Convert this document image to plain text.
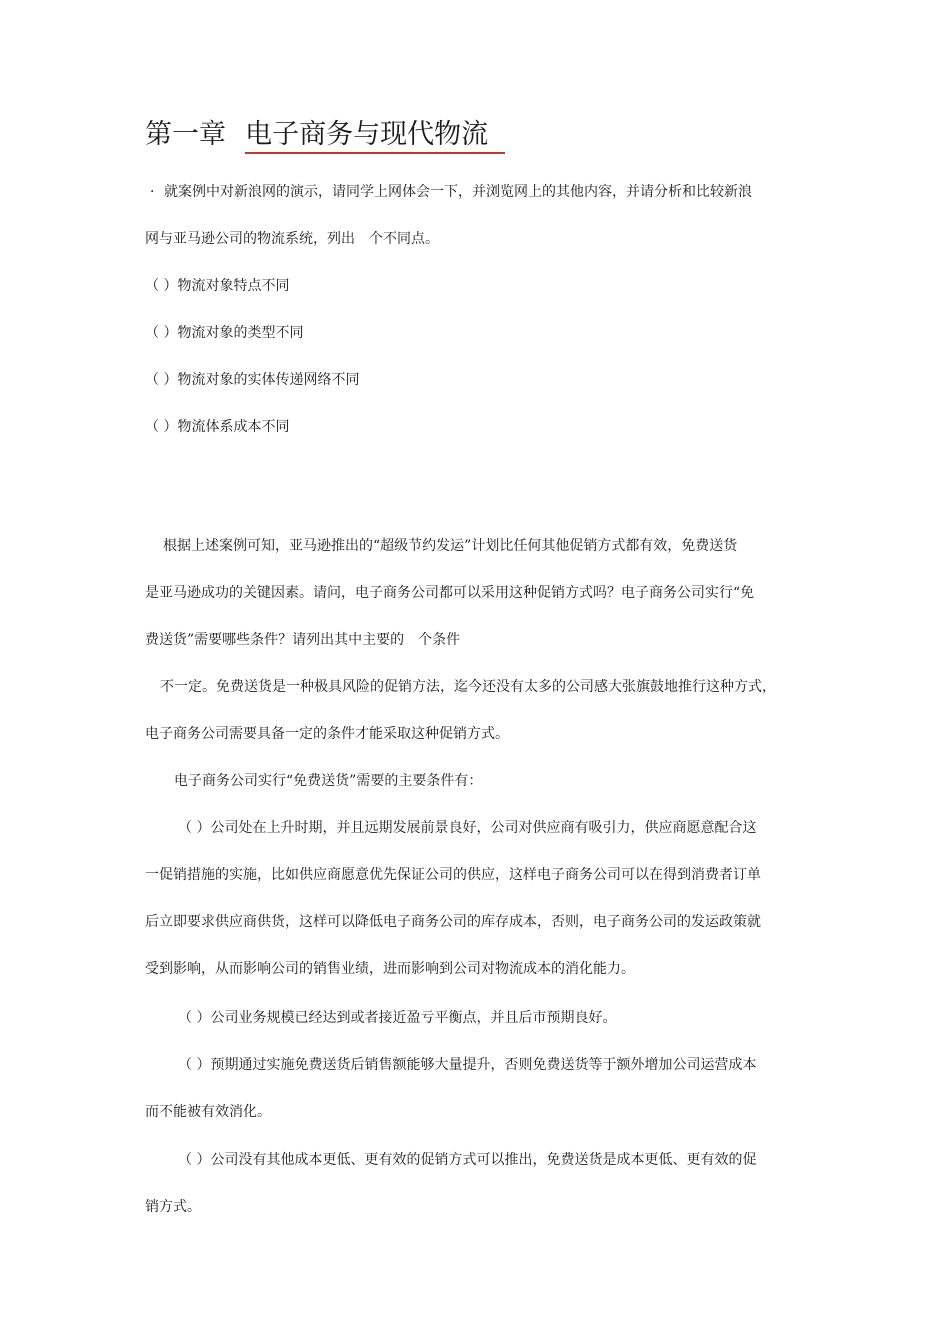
第一章 电子商务与现代物流
· 就案例中对新浪网的演示，请同学上网体会一下，并浏览网上的其他内容，并请分析和比较新浪
网与亚马逊公司的物流系统，列出 个不同点。
（ ）物流对象特点不同
（ ）物流对象的类型不同
（ ）物流对象的实体传递网络不同
（ ）物流体系成本不同
根据上述案例可知，亚马逊推出的“超级节约发运”计划比任何其他促销方式都有效，免费送货
是亚马逊成功的关键因素。请问，电子商务公司都可以采用这种促销方式吗？电子商务公司实行“免
费送货”需要哪些条件？请列出其中主要的 个条件
不一定。免费送货是一种极具风险的促销方法，迄今还没有太多的公司感大张旗鼓地推行这种方式，
电子商务公司需要具备一定的条件才能采取这种促销方式。
电子商务公司实行“免费送货”需要的主要条件有：
（ ）公司处在上升时期，并且远期发展前景良好，公司对供应商有吸引力，供应商愿意配合这
一促销措施的实施，比如供应商愿意优先保证公司的供应，这样电子商务公司可以在得到消费者订单
后立即要求供应商供货，这样可以降低电子商务公司的库存成本，否则，电子商务公司的发运政策就
受到影响，从而影响公司的销售业绩，进而影响到公司对物流成本的消化能力。
（ ）公司业务规模已经达到或者接近盈亏平衡点，并且后市预期良好。
（ ）预期通过实施免费送货后销售额能够大量提升，否则免费送货等于额外增加公司运营成本
而不能被有效消化。
（ ）公司没有其他成本更低、更有效的促销方式可以推出，免费送货是成本更低、更有效的促
销方式。
